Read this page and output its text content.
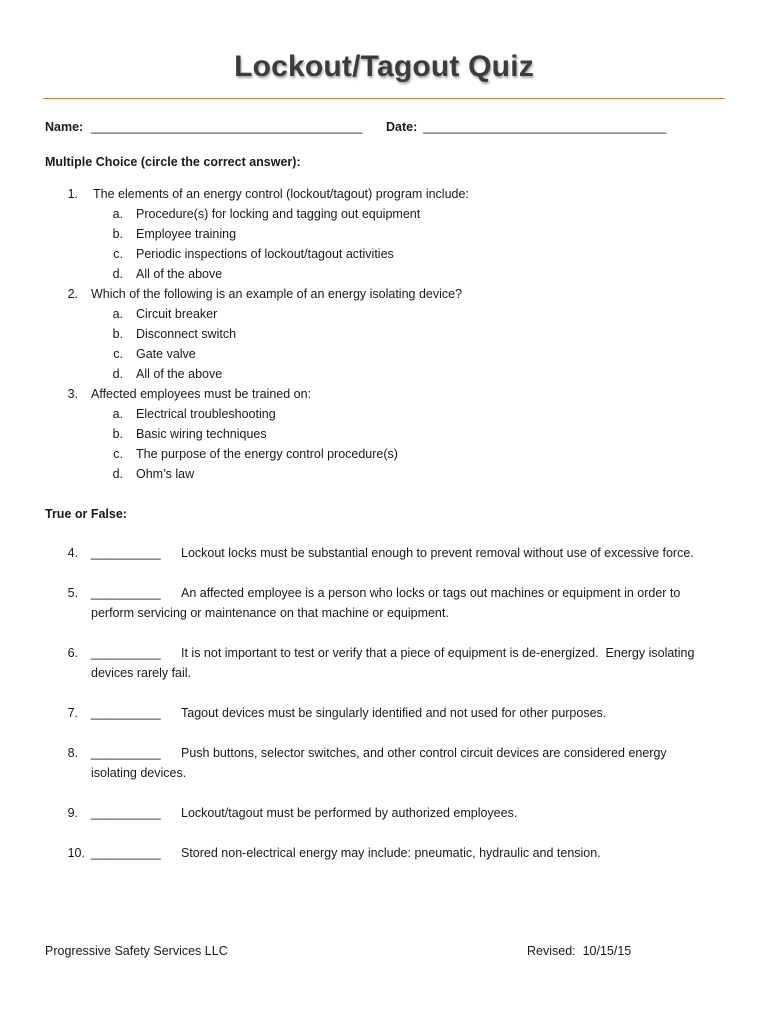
Lockout/Tagout Quiz
Name: _______________________________________ Date: ___________________________________
Multiple Choice (circle the correct answer):
1. The elements of an energy control (lockout/tagout) program include:
a. Procedure(s) for locking and tagging out equipment
b. Employee training
c. Periodic inspections of lockout/tagout activities
d. All of the above
2. Which of the following is an example of an energy isolating device?
a. Circuit breaker
b. Disconnect switch
c. Gate valve
d. All of the above
3. Affected employees must be trained on:
a. Electrical troubleshooting
b. Basic wiring techniques
c. The purpose of the energy control procedure(s)
d. Ohm’s law
True or False:
4. __________ Lockout locks must be substantial enough to prevent removal without use of excessive force.
5. __________ An affected employee is a person who locks or tags out machines or equipment in order to
perform servicing or maintenance on that machine or equipment.
6. __________ It is not important to test or verify that a piece of equipment is de-energized.  Energy isolating
devices rarely fail.
7. __________ Tagout devices must be singularly identified and not used for other purposes.
8. __________ Push buttons, selector switches, and other control circuit devices are considered energy
isolating devices.
9. __________ Lockout/tagout must be performed by authorized employees.
10. __________ Stored non-electrical energy may include: pneumatic, hydraulic and tension.
Progressive Safety Services LLC	Revised:  10/15/15
